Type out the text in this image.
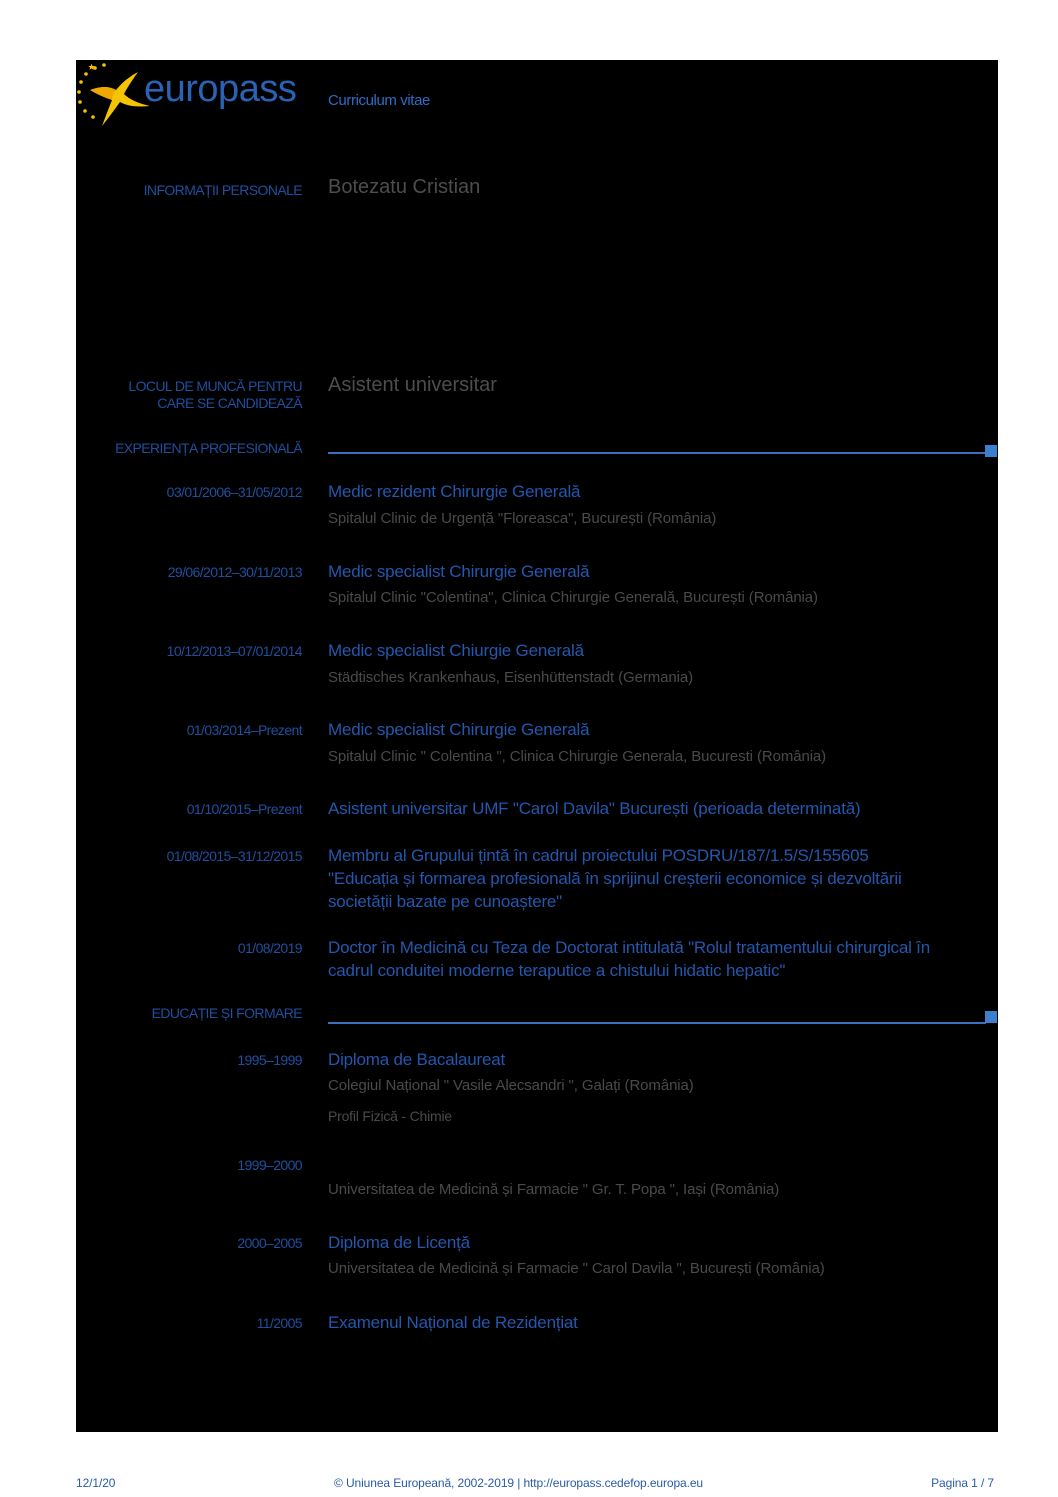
europass Curriculum vitae
INFORMAȚII PERSONALE Botezatu Cristian
LOCUL DE MUNCĂ PENTRU
CARE SE CANDIDEAZĂ
Asistent universitar
EXPERIENȚA PROFESIONALĂ
03/01/2006–31/05/2012 Medic rezident Chirurgie Generală
Spitalul Clinic de Urgență "Floreasca", București (România)
29/06/2012–30/11/2013 Medic specialist Chirurgie Generală
Spitalul Clinic "Colentina", Clinica Chirurgie Generală, București (România)
10/12/2013–07/01/2014 Medic specialist Chiurgie Generală
Städtisches Krankenhaus, Eisenhüttenstadt (Germania)
01/03/2014–Prezent Medic specialist Chirurgie Generală
Spitalul Clinic " Colentina ", Clinica Chirurgie Generala, Bucuresti (România)
01/10/2015–Prezent Asistent universitar UMF "Carol Davila" București (perioada determinată)
01/08/2015–31/12/2015 Membru al Grupului țintă în cadrul proiectului POSDRU/187/1.5/S/155605
"Educația și formarea profesională în sprijinul creșterii economice și dezvoltării
societății bazate pe cunoaștere"
01/08/2019 Doctor în Medicină cu Teza de Doctorat intitulată "Rolul tratamentului chirurgical în
cadrul conduitei moderne teraputice a chistului hidatic hepatic"
EDUCAȚIE ȘI FORMARE
1995–1999 Diploma de Bacalaureat
Colegiul Național " Vasile Alecsandri ", Galați (România)
Profil Fizică - Chimie
1999–2000
Universitatea de Medicină și Farmacie " Gr. T. Popa ", Iași (România)
2000–2005 Diploma de Licență
Universitatea de Medicină și Farmacie " Carol Davila ", București (România)
11/2005 Examenul Național de Rezidențiat
12/1/20	© Uniunea Europeană, 2002-2019 | http://europass.cedefop.europa.eu	Pagina 1 / 7
